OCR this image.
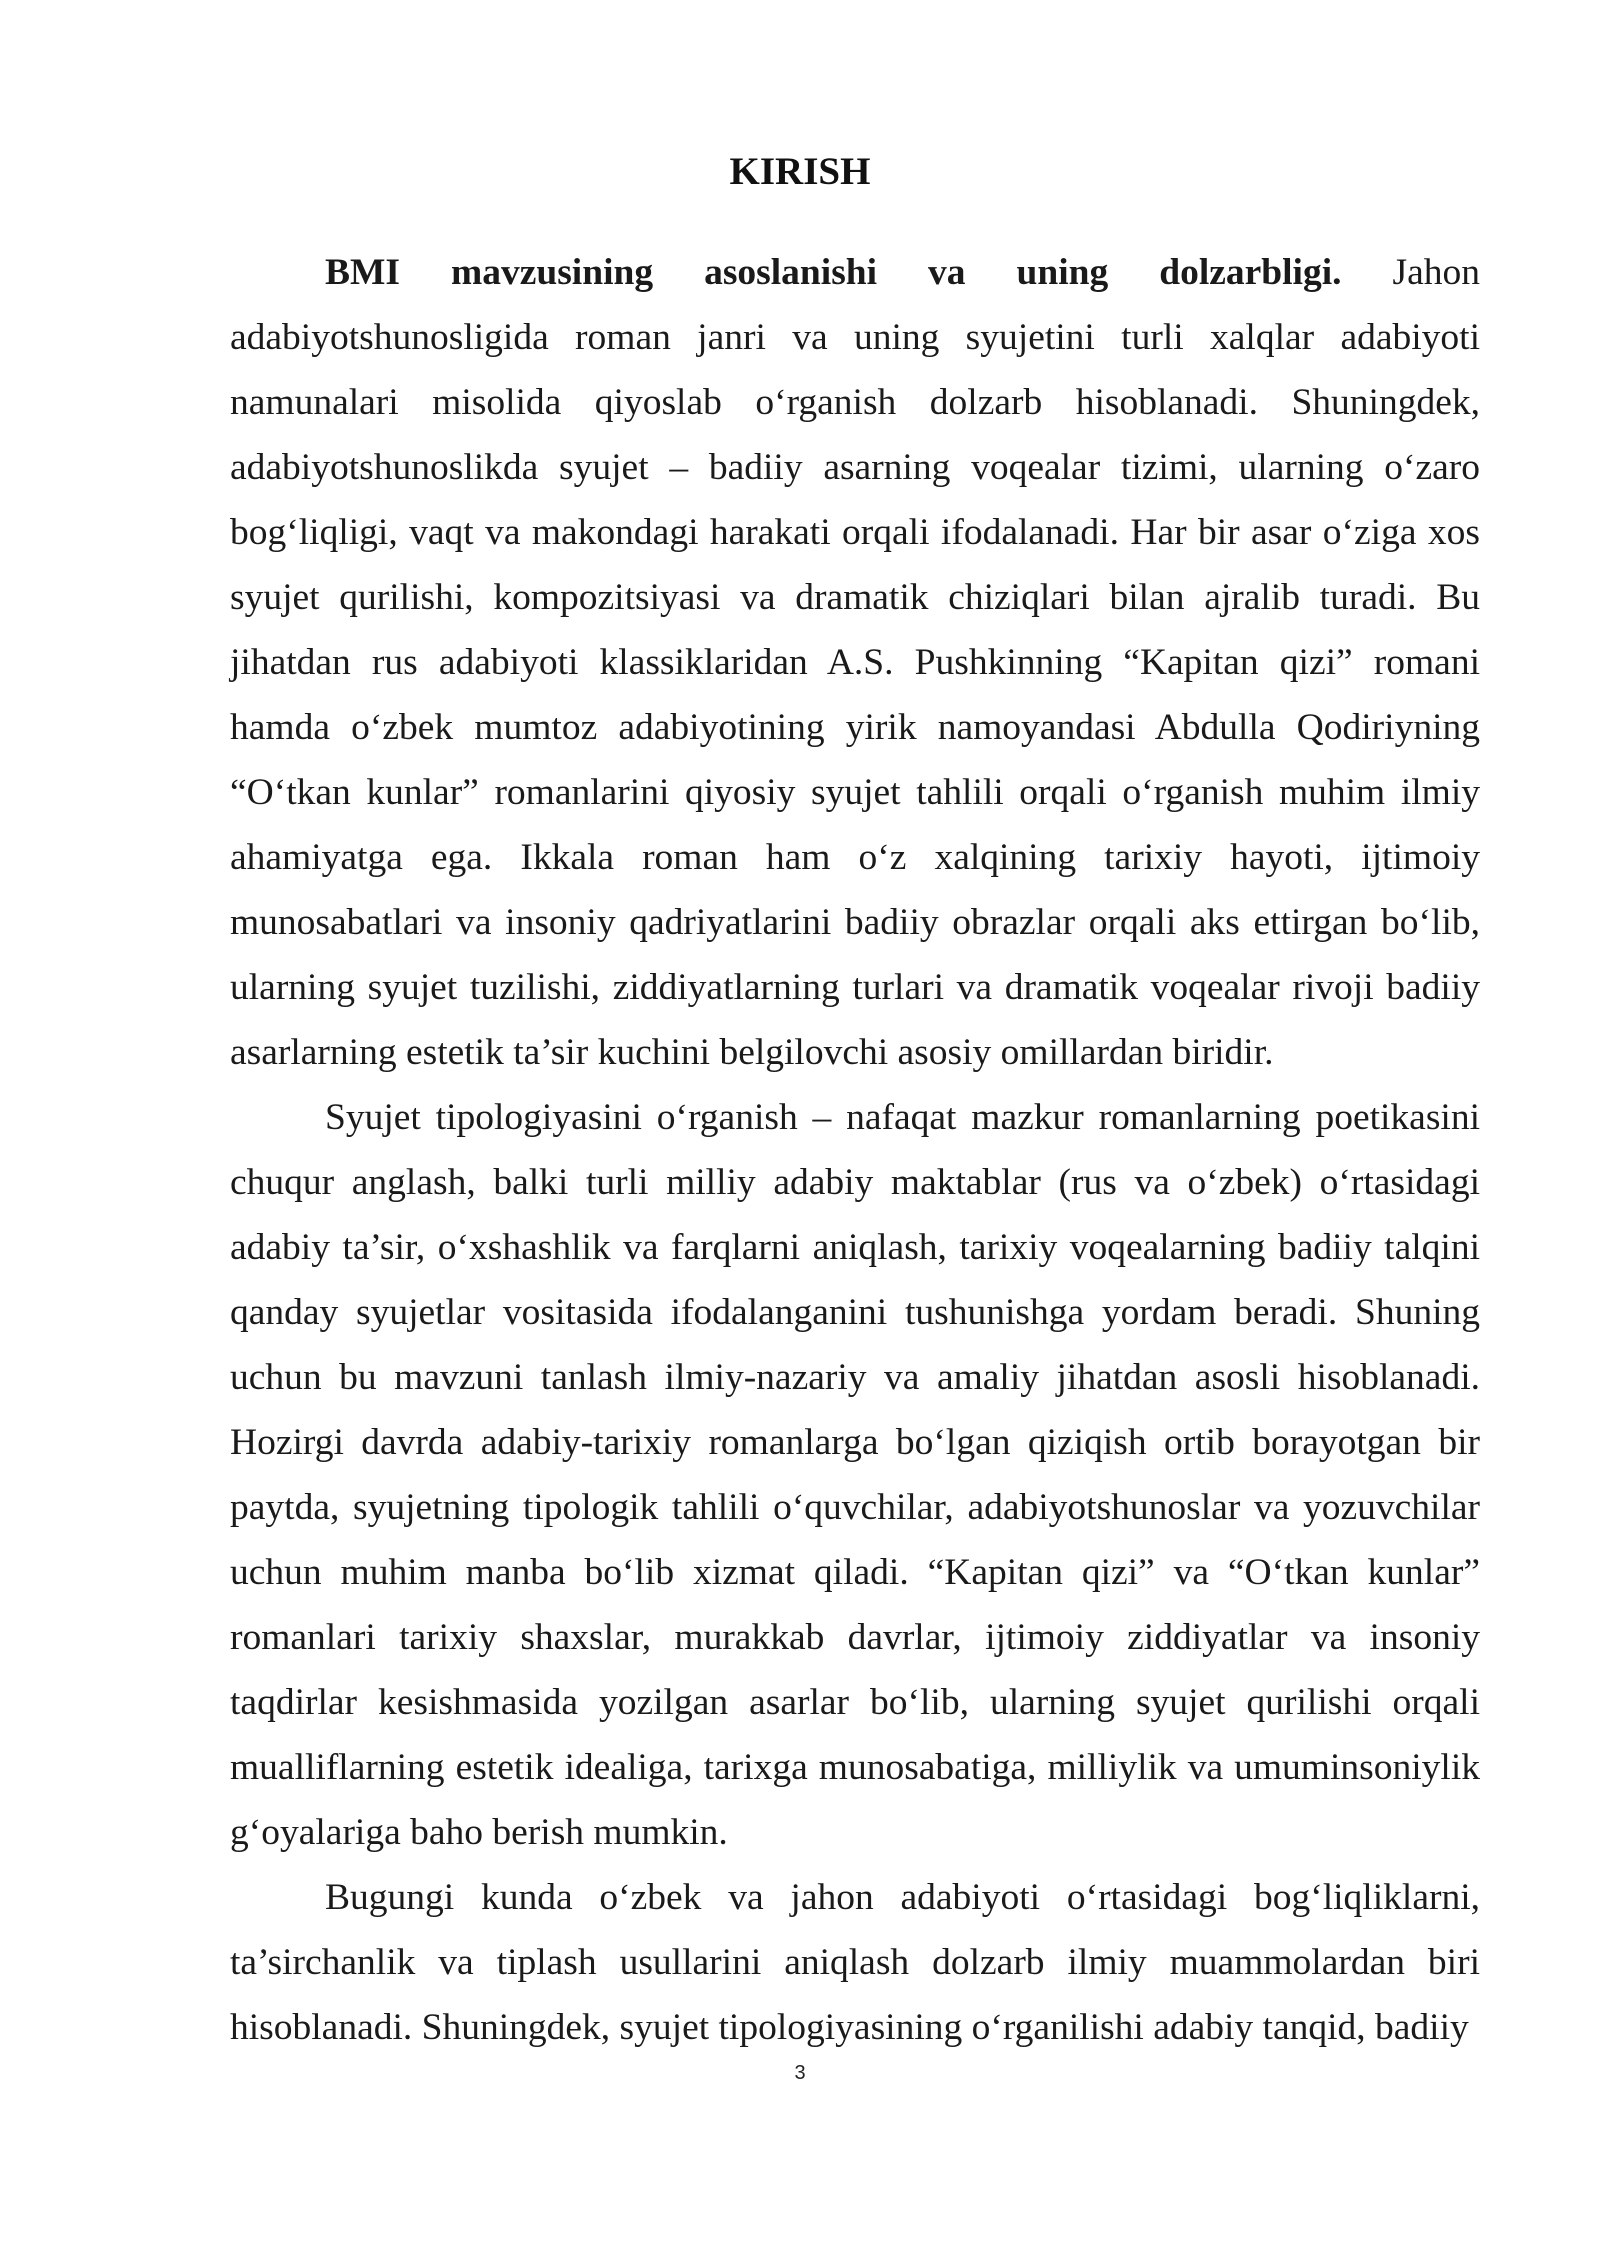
KIRISH

BMI mavzusining asoslanishi va uning dolzarbligi. Jahon adabiyotshunosligida roman janri va uning syujetini turli xalqlar adabiyoti namunalari misolida qiyoslab o‘rganish dolzarb hisoblanadi. Shuningdek, adabiyotshunoslikda syujet – badiiy asarning voqealar tizimi, ularning o‘zaro bog‘liqligi, vaqt va makondagi harakati orqali ifodalanadi. Har bir asar o‘ziga xos syujet qurilishi, kompozitsiyasi va dramatik chiziqlari bilan ajralib turadi. Bu jihatdan rus adabiyoti klassiklaridan A.S. Pushkinning “Kapitan qizi” romani hamda o‘zbek mumtoz adabiyotining yirik namoyandasi Abdulla Qodiriyning “O‘tkan kunlar” romanlarini qiyosiy syujet tahlili orqali o‘rganish muhim ilmiy ahamiyatga ega. Ikkala roman ham o‘z xalqining tarixiy hayoti, ijtimoiy munosabatlari va insoniy qadriyatlarini badiiy obrazlar orqali aks ettirgan bo‘lib, ularning syujet tuzilishi, ziddiyatlarning turlari va dramatik voqealar rivoji badiiy asarlarning estetik ta’sir kuchini belgilovchi asosiy omillardan biridir.

Syujet tipologiyasini o‘rganish – nafaqat mazkur romanlarning poetikasini chuqur anglash, balki turli milliy adabiy maktablar (rus va o‘zbek) o‘rtasidagi adabiy ta’sir, o‘xshashlik va farqlarni aniqlash, tarixiy voqealarning badiiy talqini qanday syujetlar vositasida ifodalanganini tushunishga yordam beradi. Shuning uchun bu mavzuni tanlash ilmiy-nazariy va amaliy jihatdan asosli hisoblanadi. Hozirgi davrda adabiy-tarixiy romanlarga bo‘lgan qiziqish ortib borayotgan bir paytda, syujetning tipologik tahlili o‘quvchilar, adabiyotshunoslar va yozuvchilar uchun muhim manba bo‘lib xizmat qiladi. “Kapitan qizi” va “O‘tkan kunlar” romanlari tarixiy shaxslar, murakkab davrlar, ijtimoiy ziddiyatlar va insoniy taqdirlar kesishmasida yozilgan asarlar bo‘lib, ularning syujet qurilishi orqali mualliflarning estetik idealiga, tarixga munosabatiga, milliylik va umuminsoniylik g‘oyalariga baho berish mumkin.

Bugungi kunda o‘zbek va jahon adabiyoti o‘rtasidagi bog‘liqliklarni, ta’sirchanlik va tiplash usullarini aniqlash dolzarb ilmiy muammolardan biri hisoblanadi. Shuningdek, syujet tipologiyasining o‘rganilishi adabiy tanqid, badiiy

3
